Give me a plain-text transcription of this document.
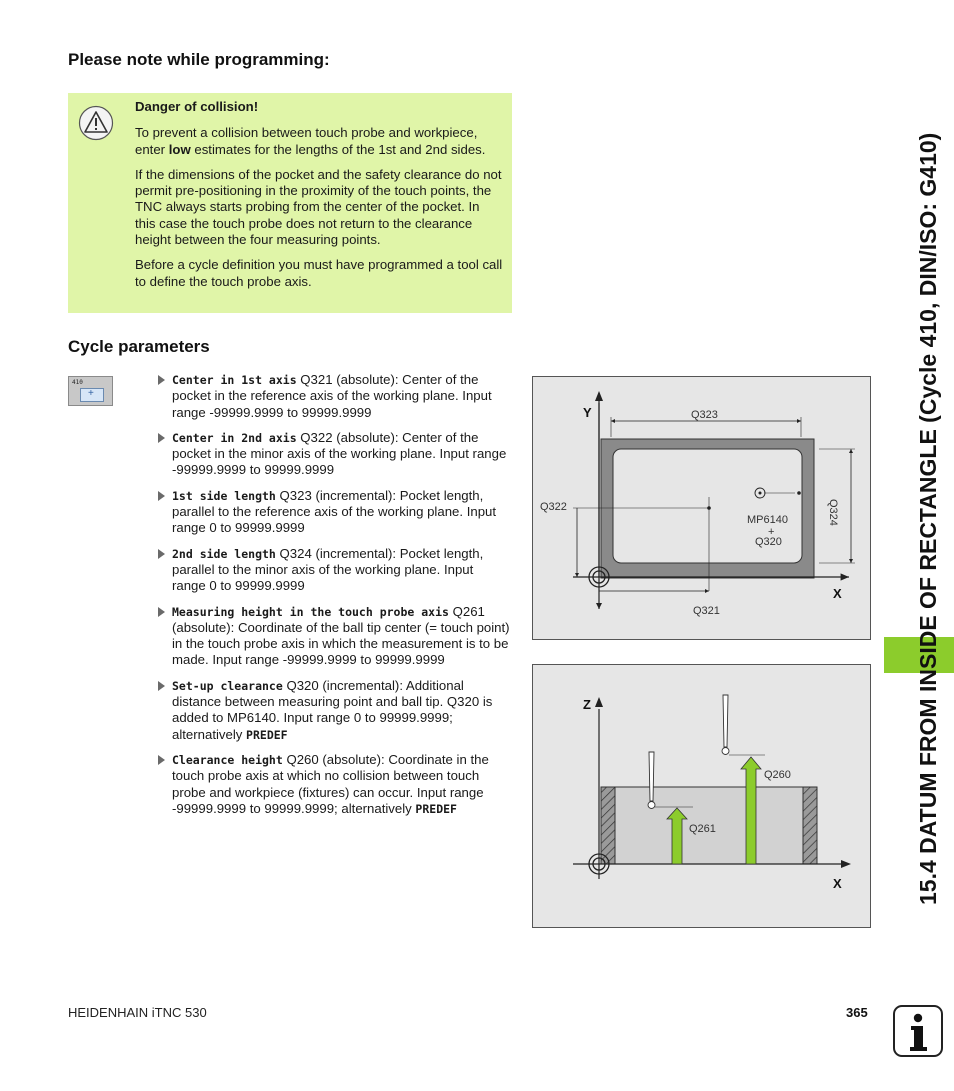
Please note while programming:

Danger of collision!

To prevent a collision between touch probe and workpiece, enter low estimates for the lengths of the 1st and 2nd sides.

If the dimensions of the pocket and the safety clearance do not permit pre-positioning in the proximity of the touch points, the TNC always starts probing from the center of the pocket. In this case the touch probe does not return to the clearance height between the four measuring points.

Before a cycle definition you must have programmed a tool call to define the touch probe axis.

Cycle parameters
410
+
Center in 1st axis Q321 (absolute): Center of the pocket in the reference axis of the working plane. Input range -99999.9999 to 99999.9999
Center in 2nd axis Q322 (absolute): Center of the pocket in the minor axis of the working plane. Input range -99999.9999 to 99999.9999
1st side length Q323 (incremental): Pocket length, parallel to the reference axis of the working plane. Input range 0 to 99999.9999
2nd side length Q324 (incremental): Pocket length, parallel to the minor axis of the working plane. Input range 0 to 99999.9999
Measuring height in the touch probe axis Q261 (absolute): Coordinate of the ball tip center (= touch point) in the touch probe axis in which the measurement is to be made. Input range -99999.9999 to 99999.9999
Set-up clearance Q320 (incremental): Additional distance between measuring point and ball tip. Q320 is added to MP6140. Input range 0 to 99999.9999; alternatively PREDEF
Clearance height Q260 (absolute): Coordinate in the touch probe axis at which no collision between touch probe and workpiece (fixtures) can occur. Input range -99999.9999 to 99999.9999; alternatively PREDEF
Y
X
Q323
Q322	Q324
Q321
MP6140
+
Q320
Z
X
Q260
Q261	15.4 DATUM FROM INSIDE OF RECTANGLE (Cycle 410, DIN/ISO: G410)
HEIDENHAIN iTNC 530	365
